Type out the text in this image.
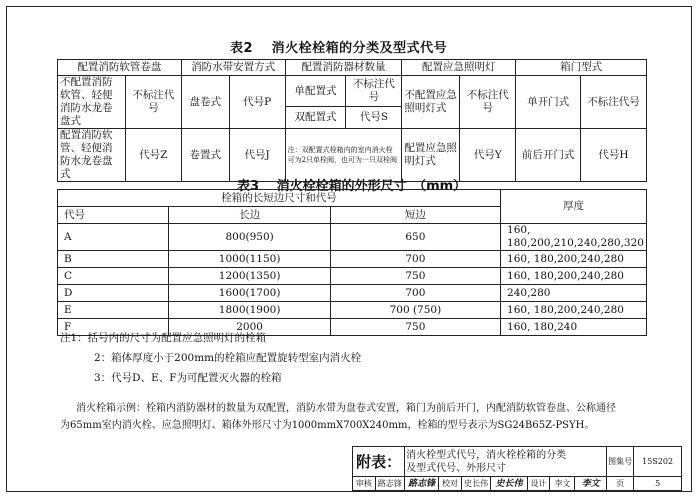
表2　 消火栓栓箱的分类及型式代号
配置消防软管卷盘		消防水带安置方式		配置消防器材数量		配置应急照明灯		箱门型式	
不配置消防软管、轻便消防水龙卷盘式	不标注代号	盘卷式	代号P	单配置式	不标注代号	不配置应急照明灯式	不标注代号	单开门式	不标注代号
				双配置式	代号S				
配置消防软管、轻便消防水龙卷盘式	代号Z	卷置式	代号J	注：双配置式栓箱内的室内消火栓可为2只单栓阀，也可为一只双栓阀		配置应急照明灯式	代号Y	前后开门式	代号H
表3　 消火栓栓箱的外形尺寸　（mm）
栓箱的长短边尺寸和代号			厚度
代号	长边	短边	
A	800(950)	650	160, 180,200,210,240,280,320
B	1000(1150)	700	160, 180,200,240,280
C	1200(1350)	750	160, 180,200,240,280
D	1600(1700)	700	240,280
E	1800(1900)	700 (750)	160, 180,200,240,280
F	2000	750	160, 180,240
注1：括号内的尺寸为配置应急照明灯的栓箱
2：箱体厚度小于200mm的栓箱应配置旋转型室内消火栓
3：代号D、E、F为可配置灭火器的栓箱
消火栓箱示例：栓箱内消防器材的数量为双配置，消防水带为盘卷式安置，箱门为前后开门，内配消防软管卷盘、公称通径
为65mm室内消火栓、应急照明灯、箱体外形尺寸为1000mmX700X240mm，栓箱的型号表示为SG24B65Z-PSYH。
附表：		消火栓型式代号，消火栓栓箱的分类
及型式代号、外形尺寸							图集号	15S202
审核	路志锋	路志锋	校对	史长伟	史长伟	设计	李文	李文	页	5
